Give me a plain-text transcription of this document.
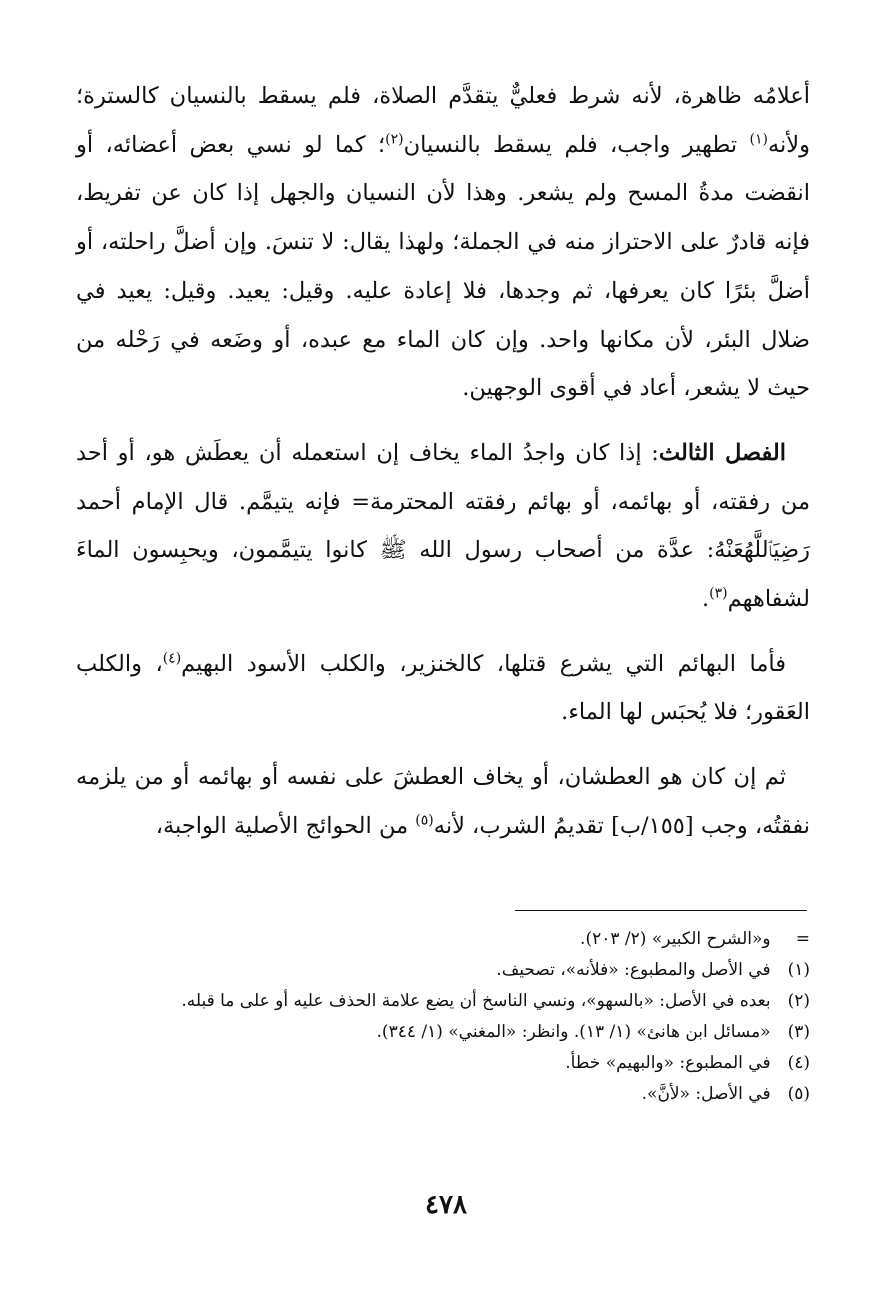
أعلامُه ظاهرة، لأنه شرط فعليٌّ يتقدَّم الصلاة، فلم يسقط بالنسيان كالسترة؛ ولأنه$^{(١)}$ تطهير واجب، فلم يسقط بالنسيان$^{(٢)}$؛ كما لو نسي بعض أعضائه، أو انقضت مدةُ المسح ولم يشعر. وهذا لأن النسيان والجهل إذا كان عن تفريط، فإنه قادرٌ على الاحتراز منه في الجملة؛ ولهذا يقال: لا تنسَ. وإن أضلَّ راحلته، أو أضلَّ بئرًا كان يعرفها، ثم وجدها، فلا إعادة عليه. وقيل: يعيد. وقيل: يعيد في ضلال البئر، لأن مكانها واحد. وإن كان الماء مع عبده، أو وضَعه في رَحْله من حيث لا يشعر، أعاد في أقوى الوجهين.

الفصل الثالث: إذا كان واجدُ الماء يخاف إن استعمله أن يعطَش هو، أو أحد من رفقته، أو بهائمه، أو بهائم رفقته المحترمة= فإنه يتيمَّم. قال الإمام أحمد رَضِيَٱللَّهُعَنْهُ: عدَّة من أصحاب رسول الله ﷺ كانوا يتيمَّمون، ويحبِسون الماءَ لشفاههم$^{(٣)}$.

فأما البهائم التي يشرع قتلها، كالخنزير، والكلب الأسود البهيم$^{(٤)}$، والكلب العَقور؛ فلا يُحبَس لها الماء.

ثم إن كان هو العطشان، أو يخاف العطشَ على نفسه أو بهائمه أو من يلزمه نفقتُه، وجب [١٥٥/ب] تقديمُ الشرب، لأنه$^{(٥)}$ من الحوائج الأصلية الواجبة،

= و«الشرح الكبير» (٢/ ٢٠٣).
(١) في الأصل والمطبوع: «فلأنه»، تصحيف.
(٢) بعده في الأصل: «بالسهو»، ونسي الناسخ أن يضع علامة الحذف عليه أو على ما قبله.
(٣) «مسائل ابن هانئ» (١/ ١٣). وانظر: «المغني» (١/ ٣٤٤).
(٤) في المطبوع: «والبهيم» خطأ.
(٥) في الأصل: «لأنَّ».
٤٧٨
